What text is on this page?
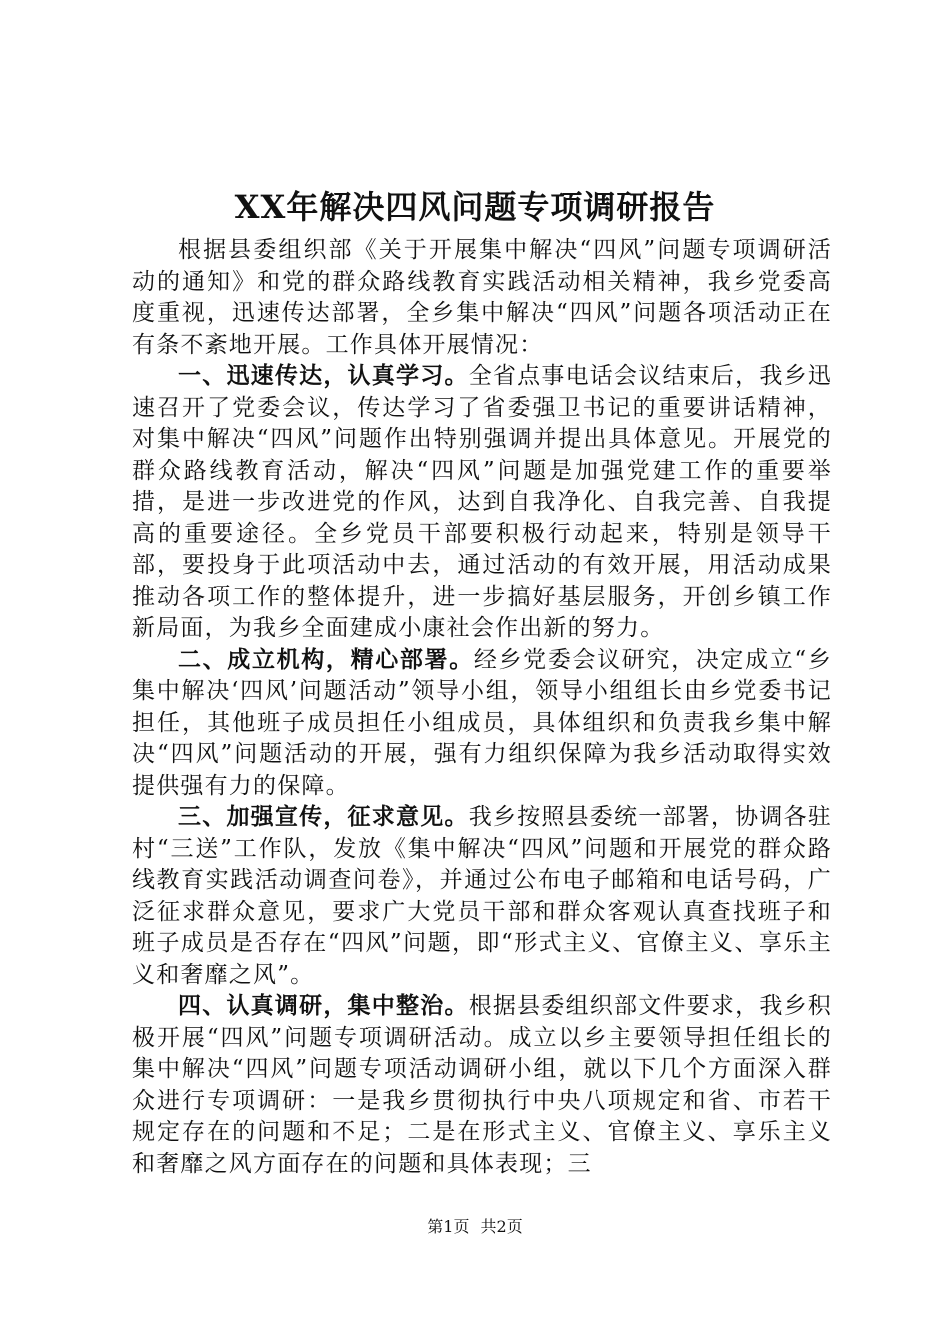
XX年解决四风问题专项调研报告

根据县委组织部《关于开展集中解决“四风”问题专项调研活动的通知》和党的群众路线教育实践活动相关精神，我乡党委高度重视，迅速传达部署，全乡集中解决“四风”问题各项活动正在有条不紊地开展。工作具体开展情况：

一、迅速传达，认真学习。全省点事电话会议结束后，我乡迅速召开了党委会议，传达学习了省委强卫书记的重要讲话精神，对集中解决“四风”问题作出特别强调并提出具体意见。开展党的群众路线教育活动，解决“四风”问题是加强党建工作的重要举措，是进一步改进党的作风，达到自我净化、自我完善、自我提高的重要途径。全乡党员干部要积极行动起来，特别是领导干部，要投身于此项活动中去，通过活动的有效开展，用活动成果推动各项工作的整体提升，进一步搞好基层服务，开创乡镇工作新局面，为我乡全面建成小康社会作出新的努力。

二、成立机构，精心部署。经乡党委会议研究，决定成立“乡集中解决‘四风’问题活动”领导小组，领导小组组长由乡党委书记担任，其他班子成员担任小组成员，具体组织和负责我乡集中解决“四风”问题活动的开展，强有力组织保障为我乡活动取得实效提供强有力的保障。

三、加强宣传，征求意见。我乡按照县委统一部署，协调各驻村“三送”工作队，发放《集中解决“四风”问题和开展党的群众路线教育实践活动调查问卷》，并通过公布电子邮箱和电话号码，广泛征求群众意见，要求广大党员干部和群众客观认真查找班子和班子成员是否存在“四风”问题，即“形式主义、官僚主义、享乐主义和奢靡之风”。

四、认真调研，集中整治。根据县委组织部文件要求，我乡积极开展“四风”问题专项调研活动。成立以乡主要领导担任组长的集中解决“四风”问题专项活动调研小组，就以下几个方面深入群众进行专项调研：一是我乡贯彻执行中央八项规定和省、市若干规定存在的问题和不足；二是在形式主义、官僚主义、享乐主义和奢靡之风方面存在的问题和具体表现；三

第1页 共2页
